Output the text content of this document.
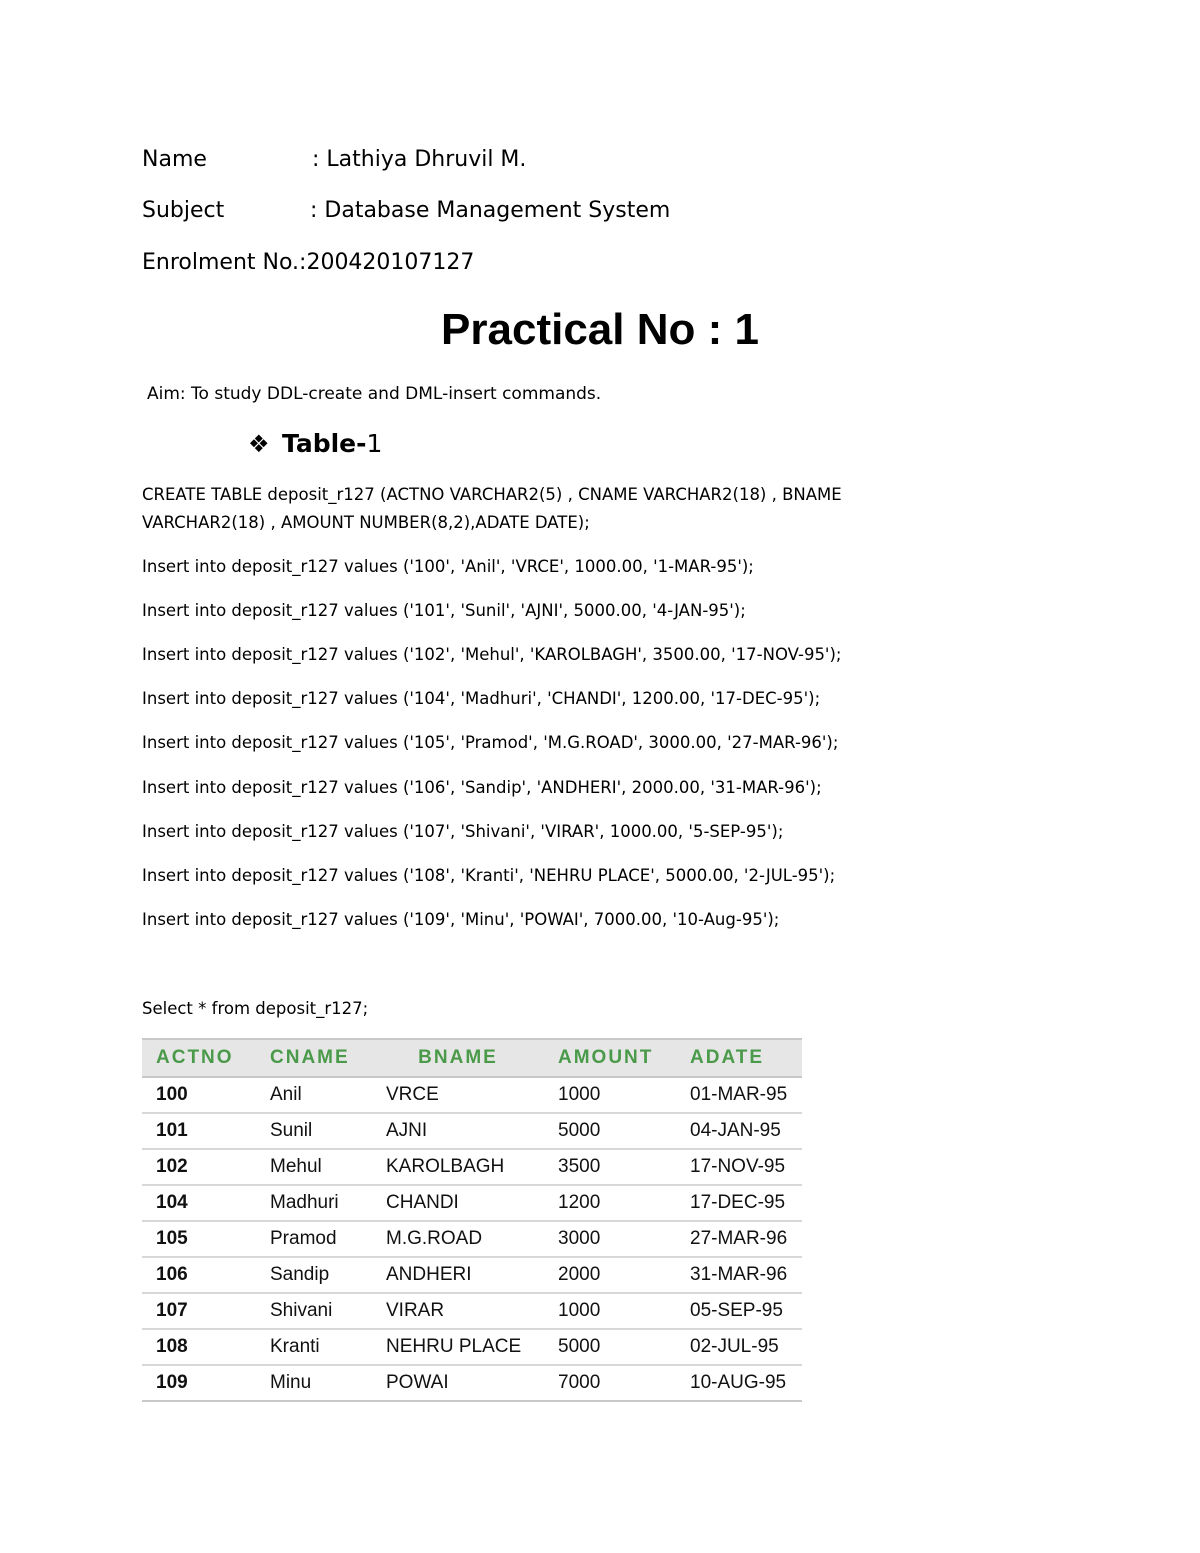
Name	: Lathiya Dhruvil M.
Subject	: Database Management System
Enrolment No.:200420107127
Practical No : 1
Aim: To study DDL-create and DML-insert commands.
❖ Table-1
CREATE TABLE deposit_r127 (ACTNO VARCHAR2(5) , CNAME VARCHAR2(18) , BNAME
VARCHAR2(18) , AMOUNT NUMBER(8,2),ADATE DATE);
Insert into deposit_r127 values ('100', 'Anil', 'VRCE', 1000.00, '1-MAR-95');
Insert into deposit_r127 values ('101', 'Sunil', 'AJNI', 5000.00, '4-JAN-95');
Insert into deposit_r127 values ('102', 'Mehul', 'KAROLBAGH', 3500.00, '17-NOV-95');
Insert into deposit_r127 values ('104', 'Madhuri', 'CHANDI', 1200.00, '17-DEC-95');
Insert into deposit_r127 values ('105', 'Pramod', 'M.G.ROAD', 3000.00, '27-MAR-96');
Insert into deposit_r127 values ('106', 'Sandip', 'ANDHERI', 2000.00, '31-MAR-96');
Insert into deposit_r127 values ('107', 'Shivani', 'VIRAR', 1000.00, '5-SEP-95');
Insert into deposit_r127 values ('108', 'Kranti', 'NEHRU PLACE', 5000.00, '2-JUL-95');
Insert into deposit_r127 values ('109', 'Minu', 'POWAI', 7000.00, '10-Aug-95');
Select * from deposit_r127;
ACTNO	CNAME	BNAME	AMOUNT	ADATE
100	Anil	VRCE	1000	01-MAR-95
101	Sunil	AJNI	5000	04-JAN-95
102	Mehul	KAROLBAGH	3500	17-NOV-95
104	Madhuri	CHANDI	1200	17-DEC-95
105	Pramod	M.G.ROAD	3000	27-MAR-96
106	Sandip	ANDHERI	2000	31-MAR-96
107	Shivani	VIRAR	1000	05-SEP-95
108	Kranti	NEHRU PLACE	5000	02-JUL-95
109	Minu	POWAI	7000	10-AUG-95
